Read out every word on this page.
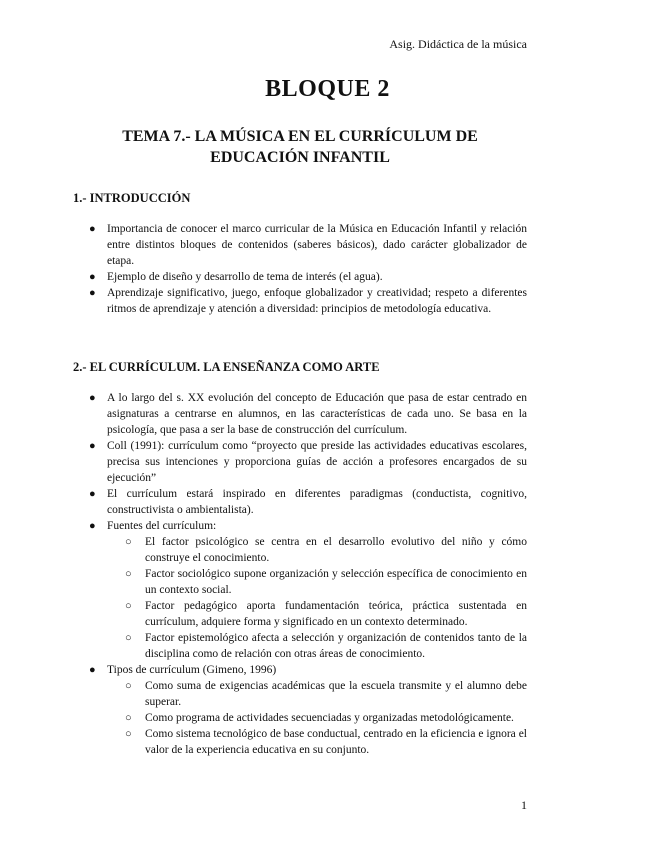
Asig. Didáctica de la música
BLOQUE 2
TEMA 7.- LA MÚSICA EN EL CURRÍCULUM DE EDUCACIÓN INFANTIL
1.- INTRODUCCIÓN
● Importancia de conocer el marco curricular de la Música en Educación Infantil y relación entre distintos bloques de contenidos (saberes básicos), dado carácter globalizador de etapa.
● Ejemplo de diseño y desarrollo de tema de interés (el agua).
● Aprendizaje significativo, juego, enfoque globalizador y creatividad; respeto a diferentes ritmos de aprendizaje y atención a diversidad: principios de metodología educativa.
2.- EL CURRÍCULUM. LA ENSEÑANZA COMO ARTE
● A lo largo del s. XX evolución del concepto de Educación que pasa de estar centrado en asignaturas a centrarse en alumnos, en las características de cada uno. Se basa en la psicología, que pasa a ser la base de construcción del currículum.
● Coll (1991): currículum como “proyecto que preside las actividades educativas escolares, precisa sus intenciones y proporciona guías de acción a profesores encargados de su ejecución”
● El currículum estará inspirado en diferentes paradigmas (conductista, cognitivo, constructivista o ambientalista).
● Fuentes del currículum:
○ El factor psicológico se centra en el desarrollo evolutivo del niño y cómo construye el conocimiento.
○ Factor sociológico supone organización y selección específica de conocimiento en un contexto social.
○ Factor pedagógico aporta fundamentación teórica, práctica sustentada en currículum, adquiere forma y significado en un contexto determinado.
○ Factor epistemológico afecta a selección y organización de contenidos tanto de la disciplina como de relación con otras áreas de conocimiento.
● Tipos de currículum (Gimeno, 1996)
○ Como suma de exigencias académicas que la escuela transmite y el alumno debe superar.
○ Como programa de actividades secuenciadas y organizadas metodológicamente.
○ Como sistema tecnológico de base conductual, centrado en la eficiencia e ignora el valor de la experiencia educativa en su conjunto.
1
